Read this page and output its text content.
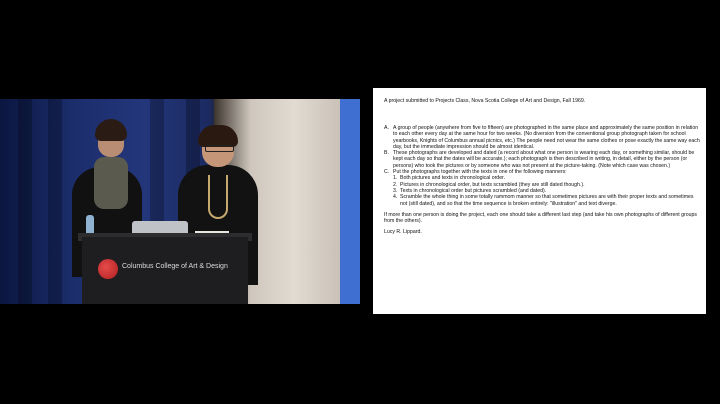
Columbus College of Art & Design
A project submitted to Projects Class, Nova Scotia College of Art and Design, Fall 1969.
A. A group of people (anywhere from five to fifteen) are photographed in the same place and approximately the same position in relation to each other every day at the same hour for two weeks. (No diversion from the conventional group photograph taken for school yearbooks, Knights of Columbus annual picnics, etc.) The people need not wear the same clothes or pose exactly the same way each day, but the immediate impression should be almost identical.
B. These photographs are developed and dated (a record about what one person is wearing each day, or something similar, should be kept each day so that the dates will be accurate.); each photograph is then described in writing, in detail, either by the person (or persons) who took the pictures or by someone who was not present at the picture-taking. (Note which case was chosen.)
C. Put the photographs together with the texts in one of the following manners:
1. Both pictures and texts in chronological order.
2. Pictures in chronological order, but texts scrambled (they are still dated though.).
3. Texts in chronological order but pictures scrambled (and dated).
4. Scramble the whole thing in some totally rammom manner so that sometimes pictures are with their proper texts and sometimes not (still dated), and so that the time sequence is broken entirely: "illustration" and text diverge.
If more than one person is doing the project, each one should take a different last step (and take his own photographs of different groups from the others).
Lucy R. Lippard.
